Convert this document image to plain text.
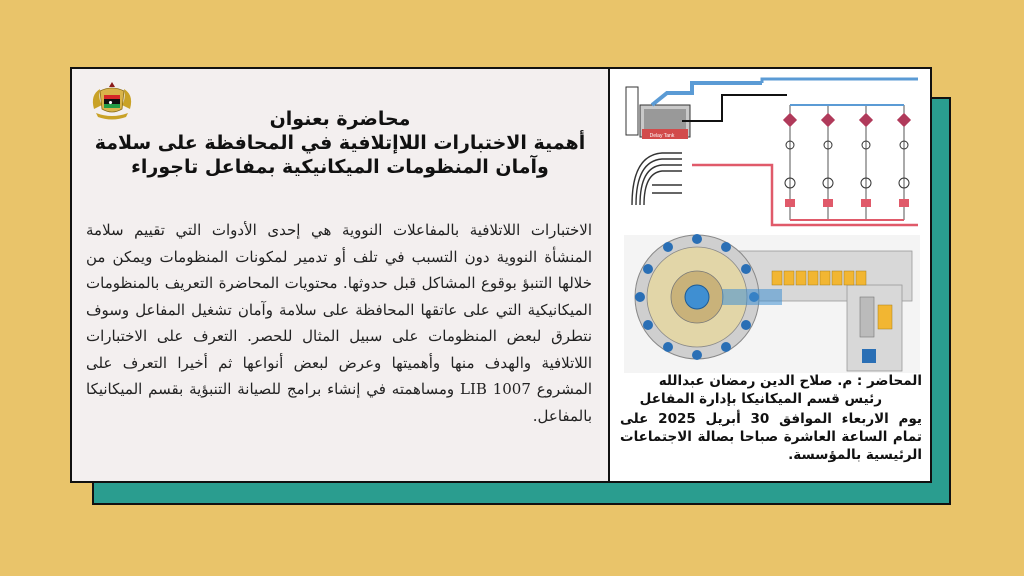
محاضرة بعنوان
أهمية الاختبارات اللاإتلافية في المحافظة على سلامة
وآمان المنظومات الميكانيكية بمفاعل تاجوراء
الاختبارات اللاتلافية بالمفاعلات النووية هي إحدى الأدوات التي تقييم سلامة المنشأة النووية دون التسبب في تلف أو تدمير لمكونات المنظومات ويمكن من خلالها التنبؤ بوقوع المشاكل قبل حدوثها. محتويات المحاضرة التعريف بالمنظومات الميكانيكية التي على عاتقها المحافظة على سلامة وآمان تشغيل المفاعل وسوف نتطرق لبعض المنظومات على سبيل المثال للحصر. التعرف على الاختبارات اللاتلافية والهدف منها وأهميتها وعرض لبعض أنواعها ثم أخيرا التعرف على المشروع LIB 1007 ومساهمته في إنشاء برامج للصيانة التنبؤية بقسم الميكانيكا بالمفاعل.
Delay Tank
المحاضر : م. صلاح الدين رمضان عبدالله
رئيس قسم الميكانيكا بإدارة المفاعل
يوم الاربعاء الموافق 30 أبريل 2025 على تمام الساعة العاشرة صباحا بصالة الاجتماعات الرئيسية بالمؤسسة.
